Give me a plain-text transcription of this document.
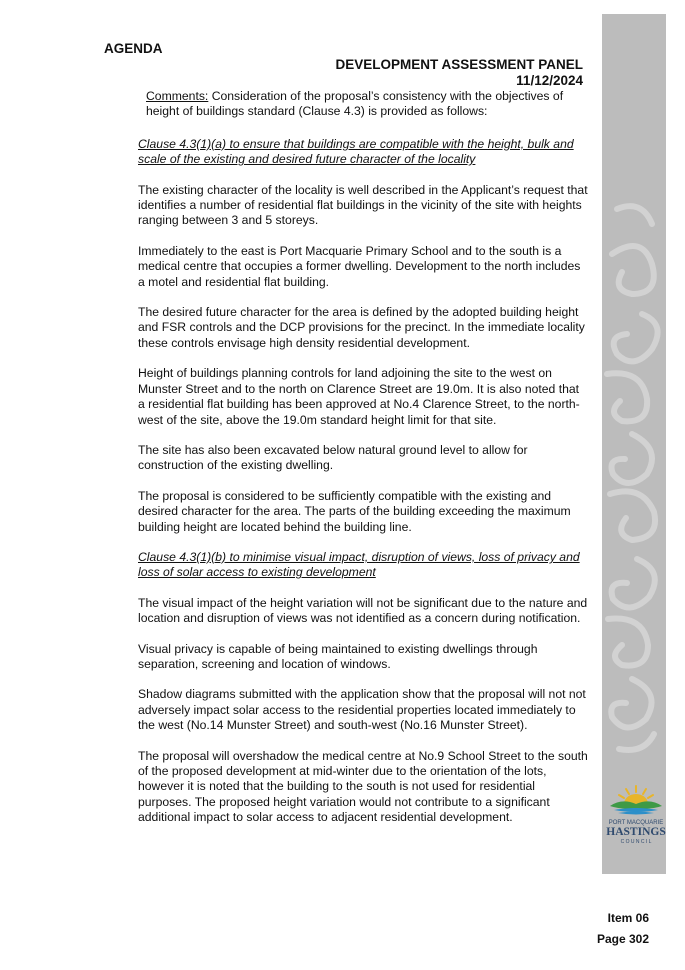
AGENDA
DEVELOPMENT ASSESSMENT PANEL
11/12/2024

Comments: Consideration of the proposal’s consistency with the objectives of height of buildings standard (Clause 4.3) is provided as follows:

Clause 4.3(1)(a) to ensure that buildings are compatible with the height, bulk and scale of the existing and desired future character of the locality

The existing character of the locality is well described in the Applicant’s request that identifies a number of residential flat buildings in the vicinity of the site with heights ranging between 3 and 5 storeys.

Immediately to the east is Port Macquarie Primary School and to the south is a medical centre that occupies a former dwelling. Development to the north includes a motel and residential flat building.

The desired future character for the area is defined by the adopted building height and FSR controls and the DCP provisions for the precinct. In the immediate locality these controls envisage high density residential development.

Height of buildings planning controls for land adjoining the site to the west on Munster Street and to the north on Clarence Street are 19.0m. It is also noted that a residential flat building has been approved at No.4 Clarence Street, to the north-west of the site, above the 19.0m standard height limit for that site.

The site has also been excavated below natural ground level to allow for construction of the existing dwelling.

The proposal is considered to be sufficiently compatible with the existing and desired character for the area. The parts of the building exceeding the maximum building height are located behind the building line.

Clause 4.3(1)(b) to minimise visual impact, disruption of views, loss of privacy and loss of solar access to existing development

The visual impact of the height variation will not be significant due to the nature and location and disruption of views was not identified as a concern during notification.

Visual privacy is capable of being maintained to existing dwellings through separation, screening and location of windows.

Shadow diagrams submitted with the application show that the proposal will not not adversely impact solar access to the residential properties located immediately to the west (No.14 Munster Street) and south-west (No.16 Munster Street).

The proposal will overshadow the medical centre at No.9 School Street to the south of the proposed development at mid-winter due to the orientation of the lots, however it is noted that the building to the south is not used for residential purposes. The proposed height variation would not contribute to a significant additional impact to solar access to adjacent residential development.	PORT MACQUARIE
HASTINGS
C O U N C I L
Item 06
Page 302
